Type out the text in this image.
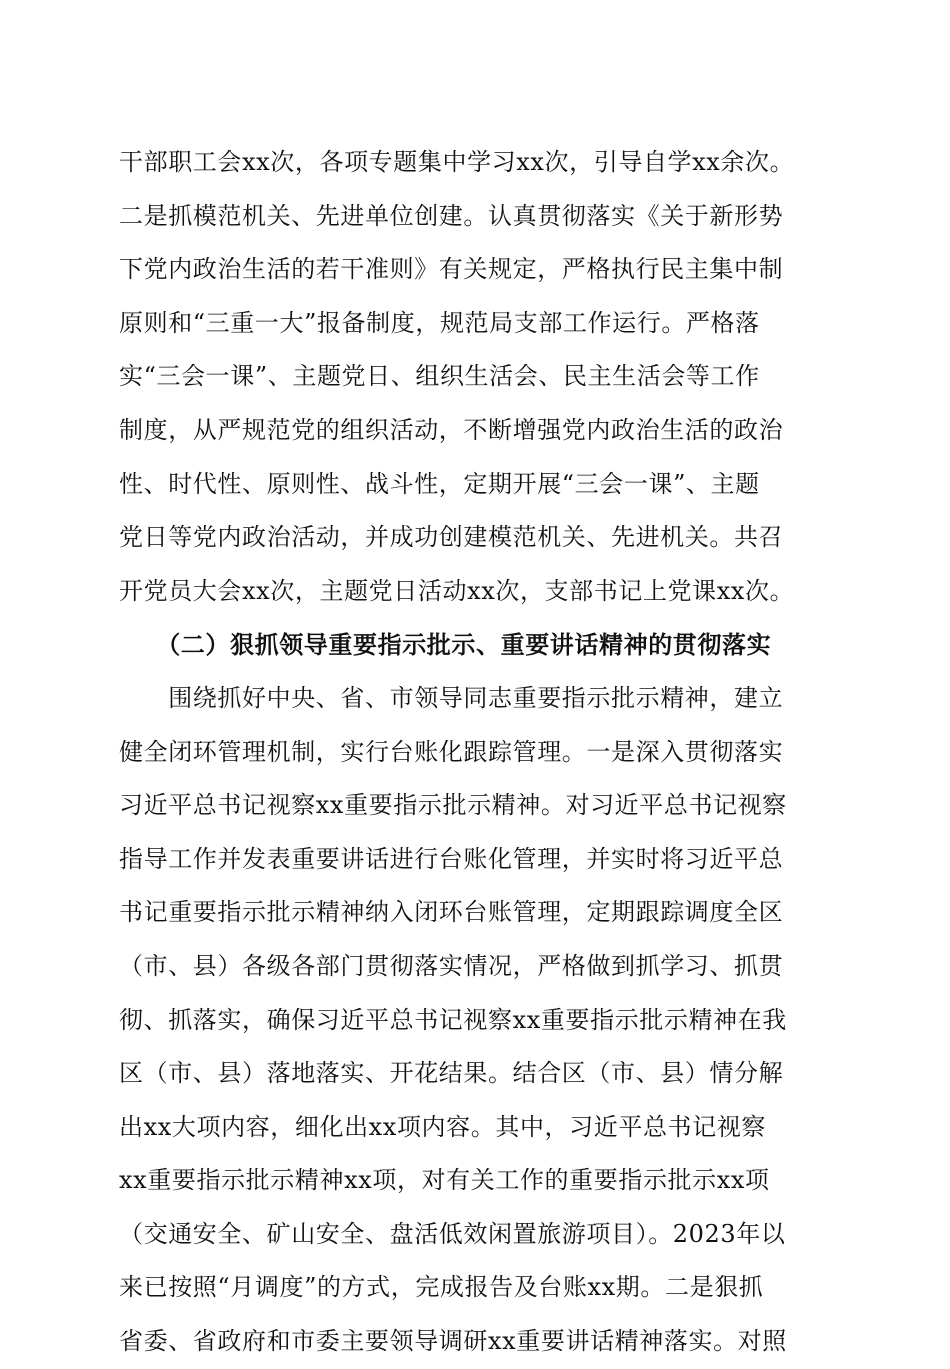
干部职工会xx次，各项专题集中学习xx次，引导自学xx余次。
二是抓模范机关、先进单位创建。认真贯彻落实《关于新形势
下党内政治生活的若干准则》有关规定，严格执行民主集中制
原则和“三重一大”报备制度，规范局支部工作运行。严格落
实“三会一课”、主题党日、组织生活会、民主生活会等工作
制度，从严规范党的组织活动，不断增强党内政治生活的政治
性、时代性、原则性、战斗性，定期开展“三会一课”、主题
党日等党内政治活动，并成功创建模范机关、先进机关。共召
开党员大会xx次，主题党日活动xx次，支部书记上党课xx次。
　　（二）狠抓领导重要指示批示、重要讲话精神的贯彻落实
　　围绕抓好中央、省、市领导同志重要指示批示精神，建立
健全闭环管理机制，实行台账化跟踪管理。一是深入贯彻落实
习近平总书记视察xx重要指示批示精神。对习近平总书记视察
指导工作并发表重要讲话进行台账化管理，并实时将习近平总
书记重要指示批示精神纳入闭环台账管理，定期跟踪调度全区
（市、县）各级各部门贯彻落实情况，严格做到抓学习、抓贯
彻、抓落实，确保习近平总书记视察xx重要指示批示精神在我
区（市、县）落地落实、开花结果。结合区（市、县）情分解
出xx大项内容，细化出xx项内容。其中，习近平总书记视察
xx重要指示批示精神xx项，对有关工作的重要指示批示xx项
（交通安全、矿山安全、盘活低效闲置旅游项目）。2023年以
来已按照“月调度”的方式，完成报告及台账xx期。二是狠抓
省委、省政府和市委主要领导调研xx重要讲话精神落实。对照
